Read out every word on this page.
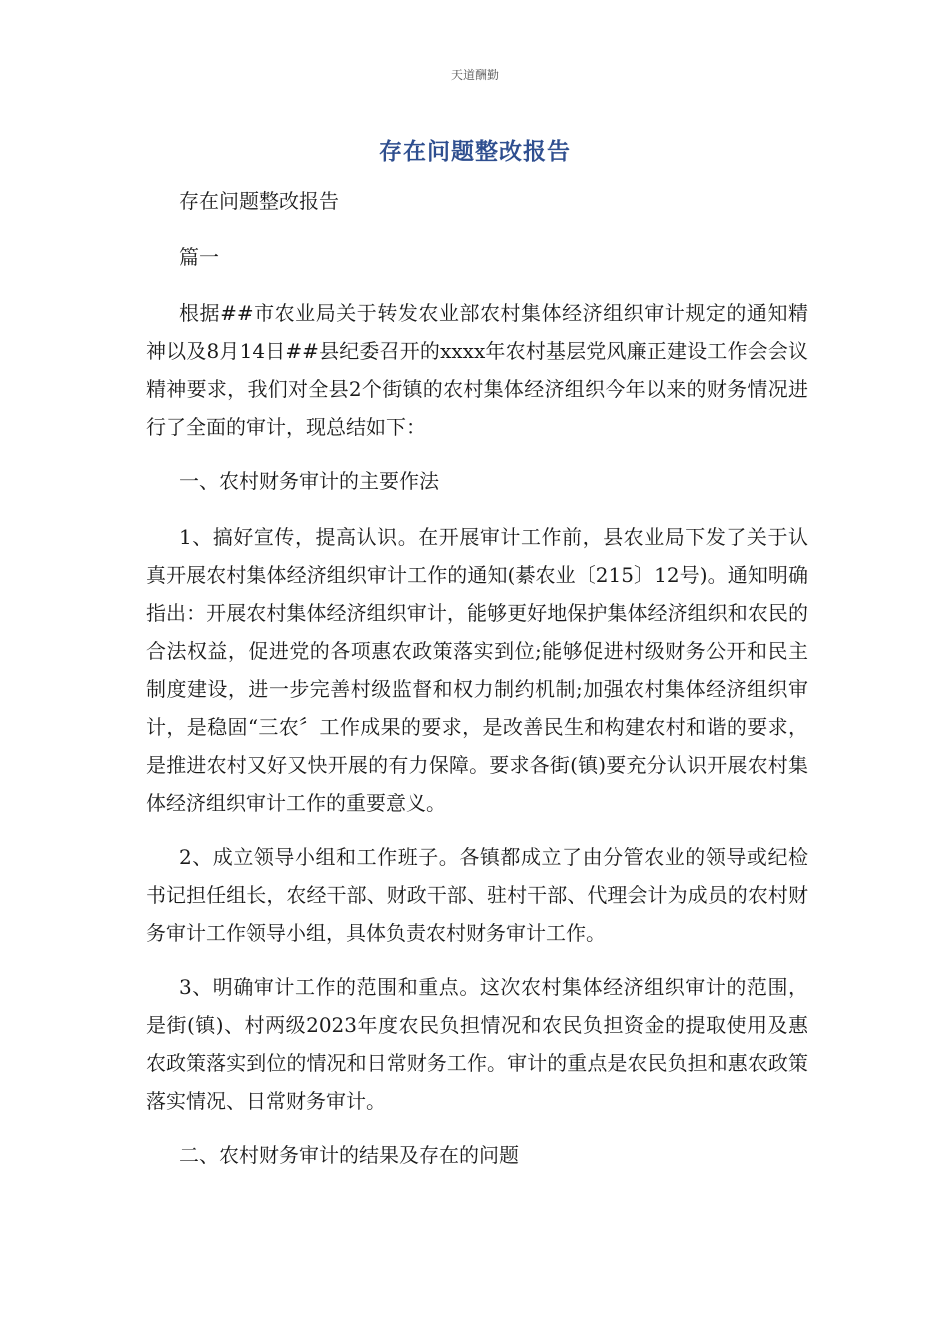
天道酬勤
存在问题整改报告

存在问题整改报告

篇一

根据##市农业局关于转发农业部农村集体经济组织审计规定的通知精神以及8月14日##县纪委召开的xxxx年农村基层党风廉正建设工作会会议精神要求，我们对全县2个街镇的农村集体经济组织今年以来的财务情况进行了全面的审计，现总结如下：

一、农村财务审计的主要作法

1、搞好宣传，提高认识。在开展审计工作前，县农业局下发了关于认真开展农村集体经济组织审计工作的通知(綦农业〔215〕12号)。通知明确指出：开展农村集体经济组织审计，能够更好地保护集体经济组织和农民的合法权益，促进党的各项惠农政策落实到位;能够促进村级财务公开和民主制度建设，进一步完善村级监督和权力制约机制;加强农村集体经济组织审计，是稳固“三农〞工作成果的要求，是改善民生和构建农村和谐的要求，是推进农村又好又快开展的有力保障。要求各街(镇)要充分认识开展农村集体经济组织审计工作的重要意义。

2、成立领导小组和工作班子。各镇都成立了由分管农业的领导或纪检书记担任组长，农经干部、财政干部、驻村干部、代理会计为成员的农村财务审计工作领导小组，具体负责农村财务审计工作。

3、明确审计工作的范围和重点。这次农村集体经济组织审计的范围，是街(镇)、村两级2023年度农民负担情况和农民负担资金的提取使用及惠农政策落实到位的情况和日常财务工作。审计的重点是农民负担和惠农政策落实情况、日常财务审计。

二、农村财务审计的结果及存在的问题
